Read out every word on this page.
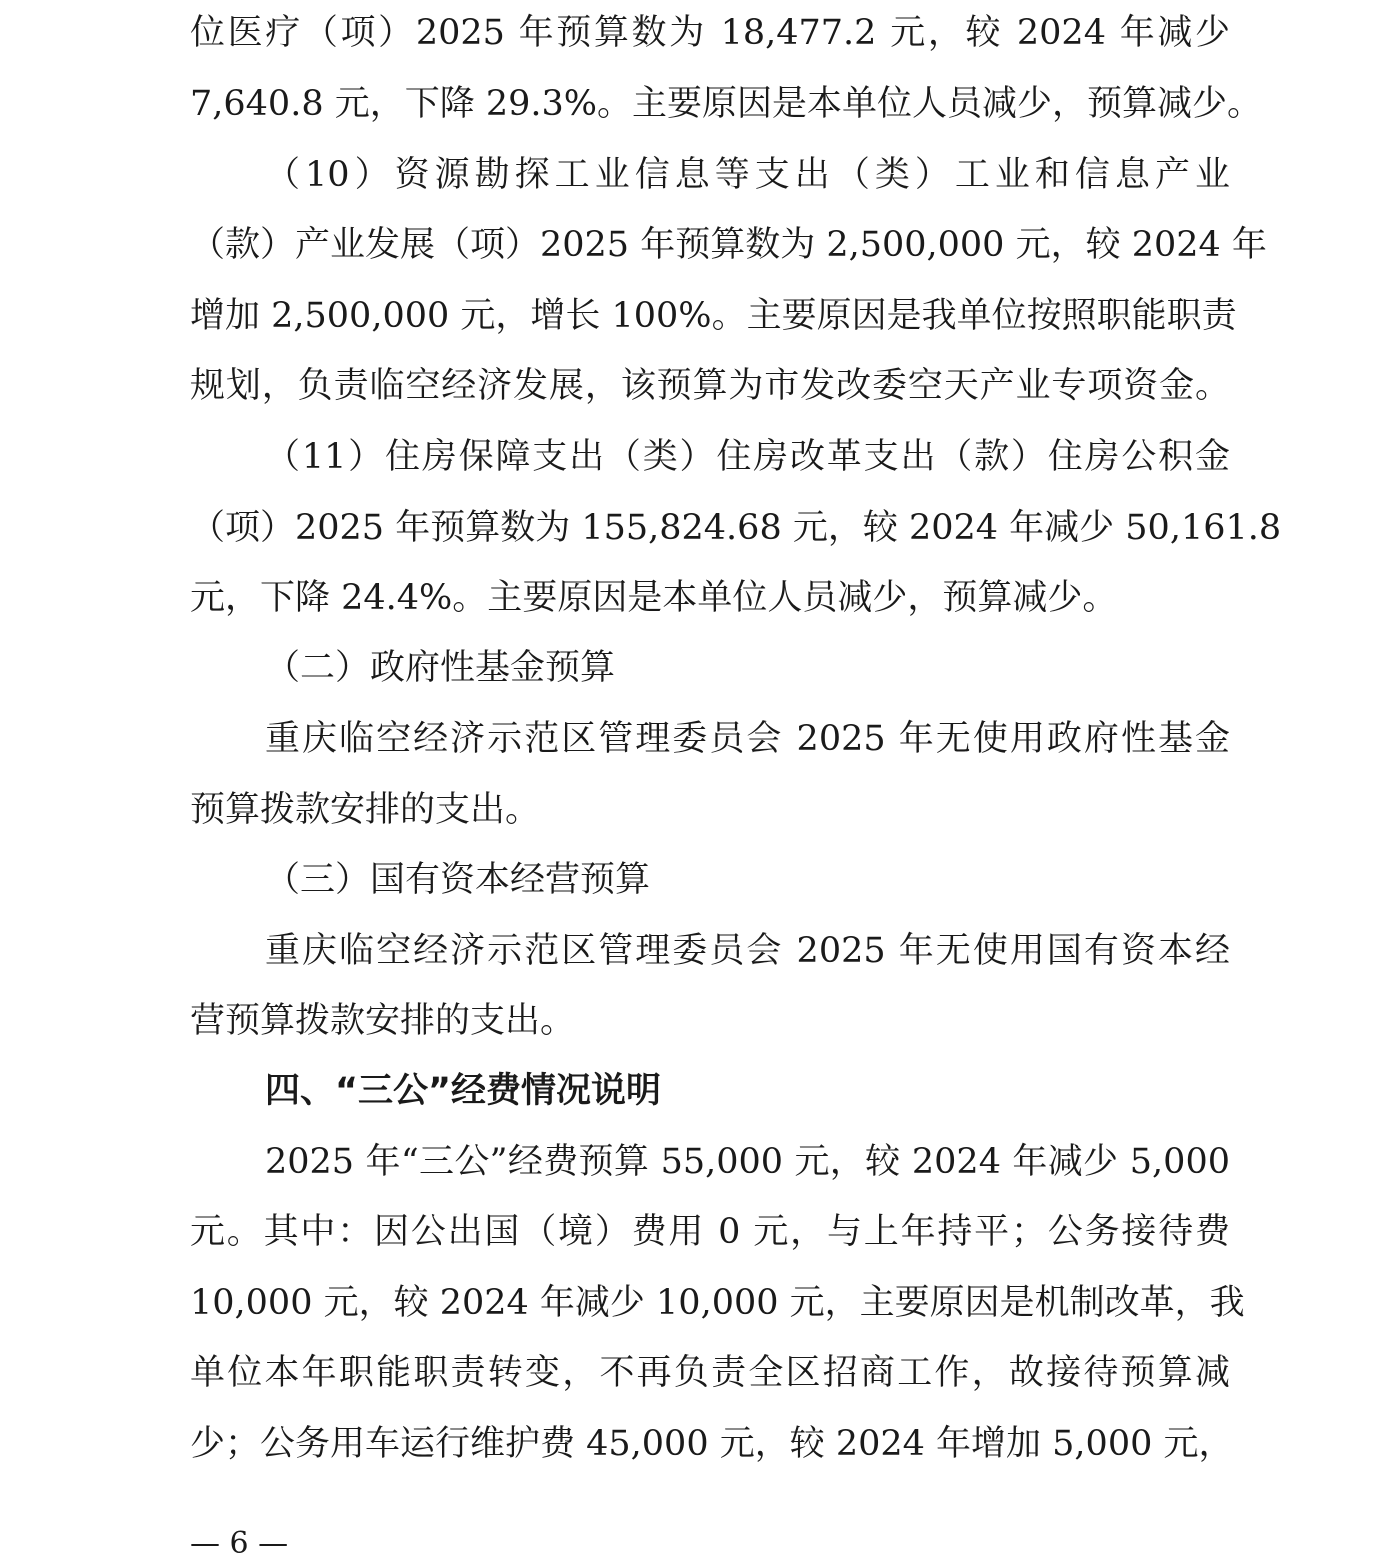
位医疗（项）2025 年预算数为 18,477.2 元，较 2024 年减少
7,640.8 元，下降 29.3%。主要原因是本单位人员减少，预算减少。
（10）资源勘探工业信息等支出（类）工业和信息产业
（款）产业发展（项）2025 年预算数为 2,500,000 元，较 2024 年
增加 2,500,000 元，增长 100%。主要原因是我单位按照职能职责
规划，负责临空经济发展，该预算为市发改委空天产业专项资金。
（11）住房保障支出（类）住房改革支出（款）住房公积金
（项）2025 年预算数为 155,824.68 元，较 2024 年减少 50,161.8
元，下降 24.4%。主要原因是本单位人员减少，预算减少。
（二）政府性基金预算
重庆临空经济示范区管理委员会 2025 年无使用政府性基金
预算拨款安排的支出。
（三）国有资本经营预算
重庆临空经济示范区管理委员会 2025 年无使用国有资本经
营预算拨款安排的支出。
四、“三公”经费情况说明
2025 年“三公”经费预算 55,000 元，较 2024 年减少 5,000
元。其中：因公出国（境）费用 0 元，与上年持平；公务接待费
10,000 元，较 2024 年减少 10,000 元，主要原因是机制改革，我
单位本年职能职责转变，不再负责全区招商工作，故接待预算减
少；公务用车运行维护费 45,000 元，较 2024 年增加 5,000 元，
— 6 —
